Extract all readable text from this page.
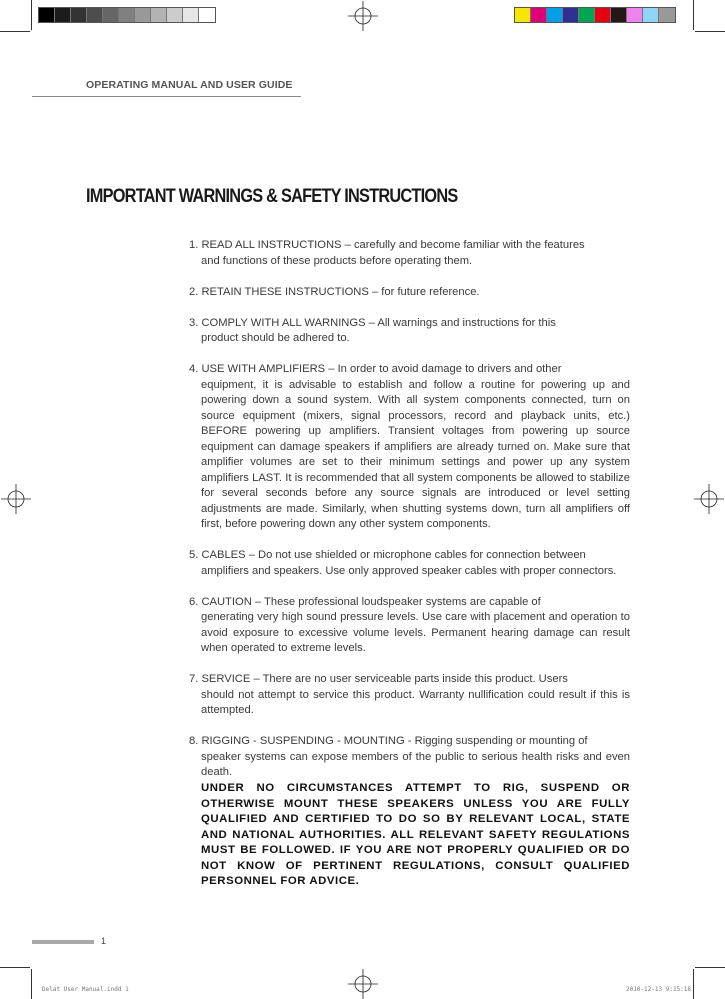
OPERATING MANUAL AND USER GUIDE
IMPORTANT WARNINGS & SAFETY INSTRUCTIONS
1. READ ALL INSTRUCTIONS – carefully and become familiar with the features
and functions of these products before operating them.
2. RETAIN THESE INSTRUCTIONS – for future reference.
3. COMPLY WITH ALL WARNINGS – All warnings and instructions for this
product should be adhered to.
4. USE WITH AMPLIFIERS – In order to avoid damage to drivers and other
equipment, it is advisable to establish and follow a routine for powering up and powering down a sound system. With all system components connected, turn on source equipment (mixers, signal processors, record and playback units, etc.) BEFORE powering up amplifiers. Transient voltages from powering up source equipment can damage speakers if amplifiers are already turned on. Make sure that amplifier volumes are set to their minimum settings and power up any system amplifiers LAST. It is recommended that all system components be allowed to stabilize for several seconds before any source signals are introduced or level setting adjustments are made. Similarly, when shutting systems down, turn all amplifiers off first, before powering down any other system components.
5. CABLES – Do not use shielded or microphone cables for connection between
amplifiers and speakers. Use only approved speaker cables with proper connectors.
6. CAUTION – These professional loudspeaker systems are capable of
generating very high sound pressure levels. Use care with placement and operation to avoid exposure to excessive volume levels. Permanent hearing damage can result when operated to extreme levels.
7. SERVICE – There are no user serviceable parts inside this product. Users
should not attempt to service this product. Warranty nullification could result if this is attempted.
8. RIGGING - SUSPENDING - MOUNTING - Rigging suspending or mounting of
speaker systems can expose members of the public to serious health risks and even death.
UNDER NO CIRCUMSTANCES ATTEMPT TO RIG, SUSPEND OR OTHERWISE MOUNT THESE SPEAKERS UNLESS YOU ARE FULLY QUALIFIED AND CERTIFIED TO DO SO BY RELEVANT LOCAL, STATE AND NATIONAL AUTHORITIES. ALL RELEVANT SAFETY REGULATIONS MUST BE FOLLOWED. IF YOU ARE NOT PROPERLY QUALIFIED OR DO NOT KNOW OF PERTINENT REGULATIONS, CONSULT QUALIFIED PERSONNEL FOR ADVICE.
1
Delat User Manual.indd 1	2010-12-13 9:15:18
